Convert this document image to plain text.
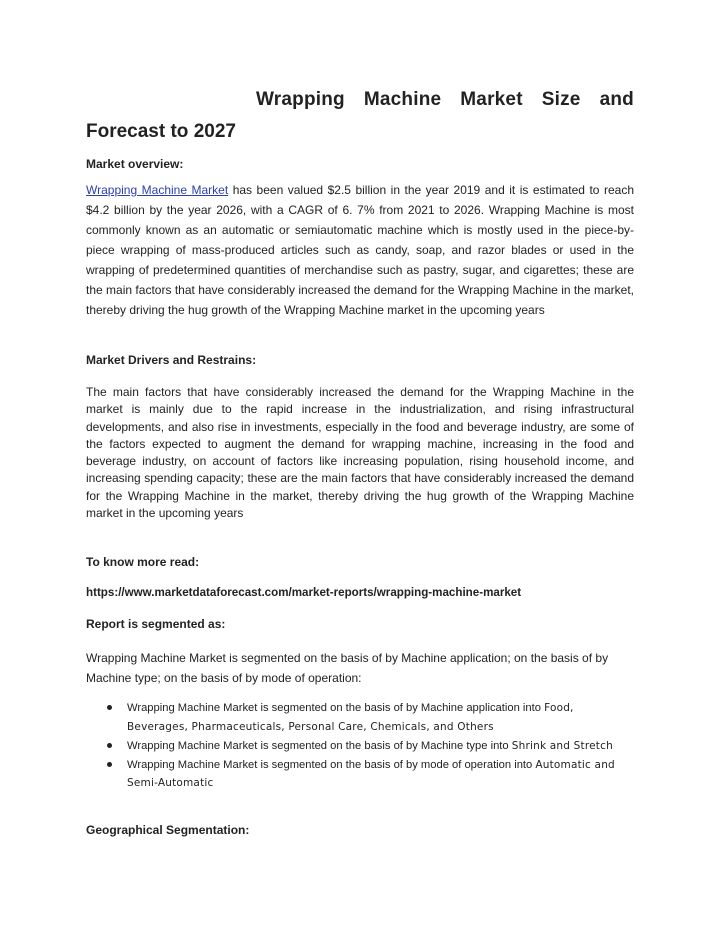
Wrapping Machine Market Size and
Forecast to 2027
Market overview:
Wrapping Machine Market has been valued $2.5 billion in the year 2019 and it is estimated to reach $4.2 billion by the year 2026, with a CAGR of 6. 7% from 2021 to 2026. Wrapping Machine is most commonly known as an automatic or semiautomatic machine which is mostly used in the piece-by-piece wrapping of mass-produced articles such as candy, soap, and razor blades or used in the wrapping of predetermined quantities of merchandise such as pastry, sugar, and cigarettes; these are the main factors that have considerably increased the demand for the Wrapping Machine in the market, thereby driving the hug growth of the Wrapping Machine market in the upcoming years
Market Drivers and Restrains:
The main factors that have considerably increased the demand for the Wrapping Machine in the market is mainly due to the rapid increase in the industrialization, and rising infrastructural developments, and also rise in investments, especially in the food and beverage industry, are some of the factors expected to augment the demand for wrapping machine, increasing in the food and beverage industry, on account of factors like increasing population, rising household income, and increasing spending capacity; these are the main factors that have considerably increased the demand for the Wrapping Machine in the market, thereby driving the hug growth of the Wrapping Machine market in the upcoming years
To know more read:
https://www.marketdataforecast.com/market-reports/wrapping-machine-market
Report is segmented as:
Wrapping Machine Market is segmented on the basis of by Machine application; on the basis of by Machine type; on the basis of by mode of operation:
Wrapping Machine Market is segmented on the basis of by Machine application into Food, Beverages, Pharmaceuticals, Personal Care, Chemicals, and Others
Wrapping Machine Market is segmented on the basis of by Machine type into Shrink and Stretch
Wrapping Machine Market is segmented on the basis of by mode of operation into Automatic and Semi-Automatic
Geographical Segmentation:
